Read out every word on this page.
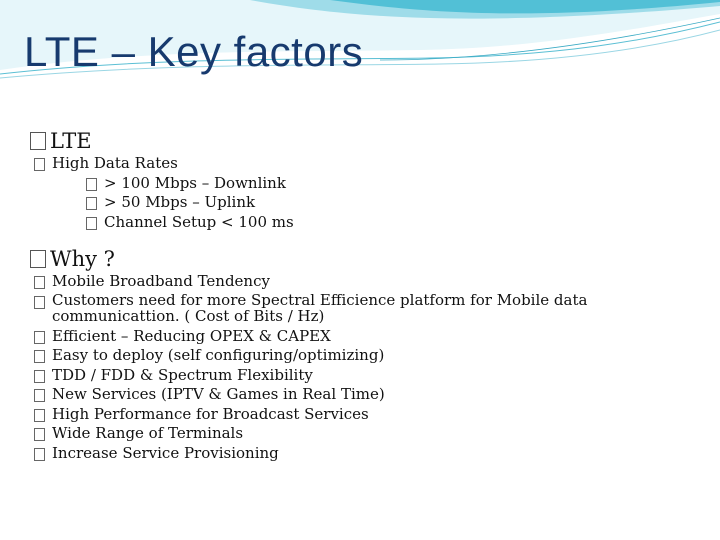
LTE – Key factors
LTE
High Data Rates
> 100 Mbps – Downlink
> 50 Mbps – Uplink
Channel Setup < 100 ms
Why ?
Mobile Broadband Tendency
Customers need for more Spectral Efficience platform for Mobile data communicattion. ( Cost of Bits / Hz)
Efficient – Reducing OPEX & CAPEX
Easy to deploy (self configuring/optimizing)
TDD / FDD & Spectrum Flexibility
New Services (IPTV & Games in Real Time)
High Performance for Broadcast Services
Wide Range of Terminals
Increase Service Provisioning
